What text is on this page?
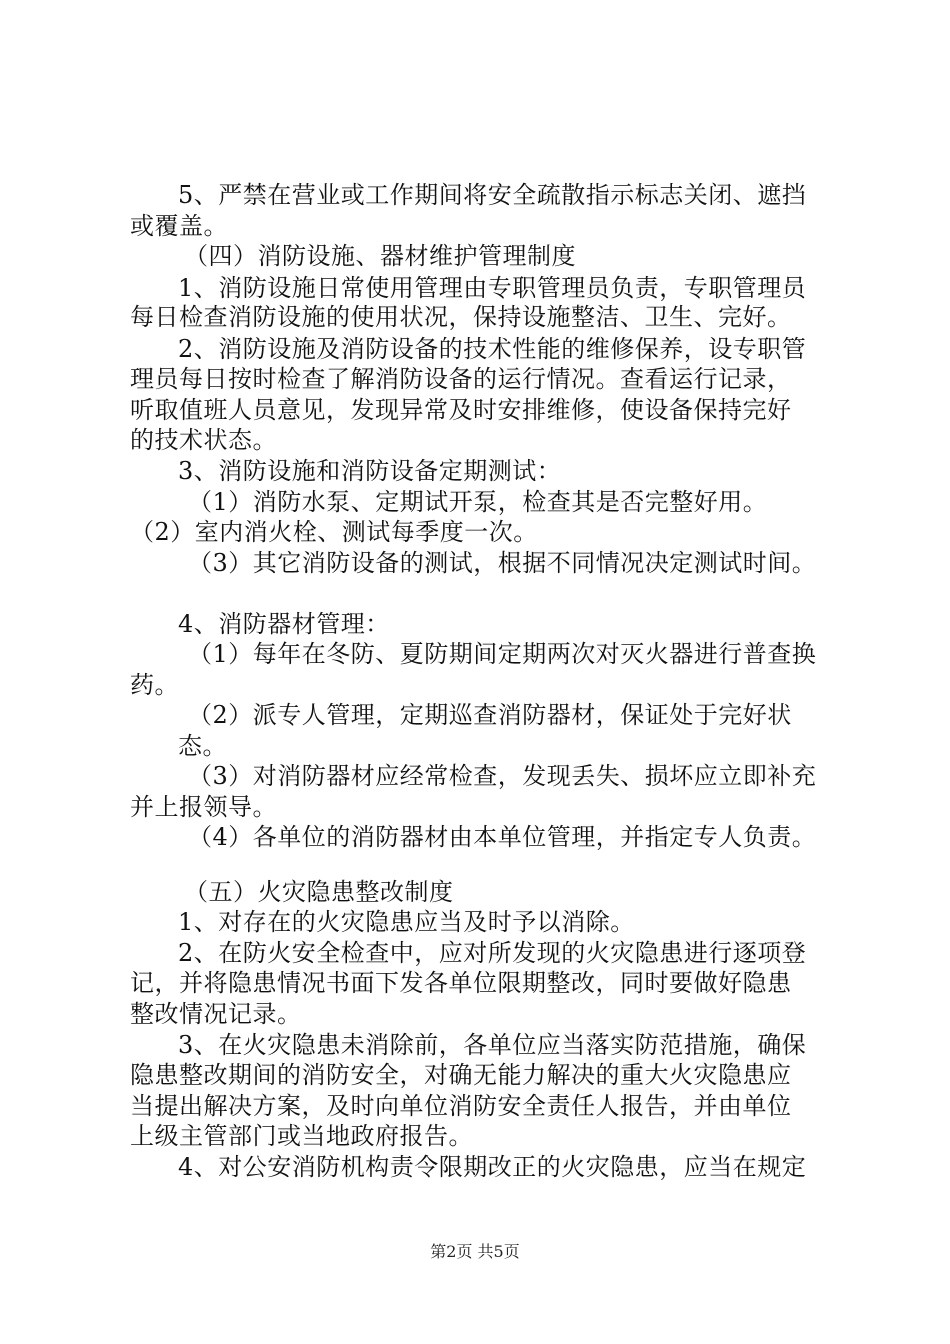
5、严禁在营业或工作期间将安全疏散指示标志关闭、遮挡
或覆盖。
（四）消防设施、器材维护管理制度
1、消防设施日常使用管理由专职管理员负责，专职管理员
每日检查消防设施的使用状况，保持设施整洁、卫生、完好。
2、消防设施及消防设备的技术性能的维修保养，设专职管
理员每日按时检查了解消防设备的运行情况。查看运行记录，
听取值班人员意见，发现异常及时安排维修，使设备保持完好
的技术状态。
3、消防设施和消防设备定期测试：
（1）消防水泵、定期试开泵，检查其是否完整好用。
（2）室内消火栓、测试每季度一次。
（3）其它消防设备的测试，根据不同情况决定测试时间。
4、消防器材管理：
（1）每年在冬防、夏防期间定期两次对灭火器进行普查换
药。
（2）派专人管理，定期巡查消防器材，保证处于完好状
态。
（3）对消防器材应经常检查，发现丢失、损坏应立即补充
并上报领导。
（4）各单位的消防器材由本单位管理，并指定专人负责。
（五）火灾隐患整改制度
1、对存在的火灾隐患应当及时予以消除。
2、在防火安全检查中，应对所发现的火灾隐患进行逐项登
记，并将隐患情况书面下发各单位限期整改，同时要做好隐患
整改情况记录。
3、在火灾隐患未消除前，各单位应当落实防范措施，确保
隐患整改期间的消防安全，对确无能力解决的重大火灾隐患应
当提出解决方案，及时向单位消防安全责任人报告，并由单位
上级主管部门或当地政府报告。
4、对公安消防机构责令限期改正的火灾隐患，应当在规定
第2页 共5页
